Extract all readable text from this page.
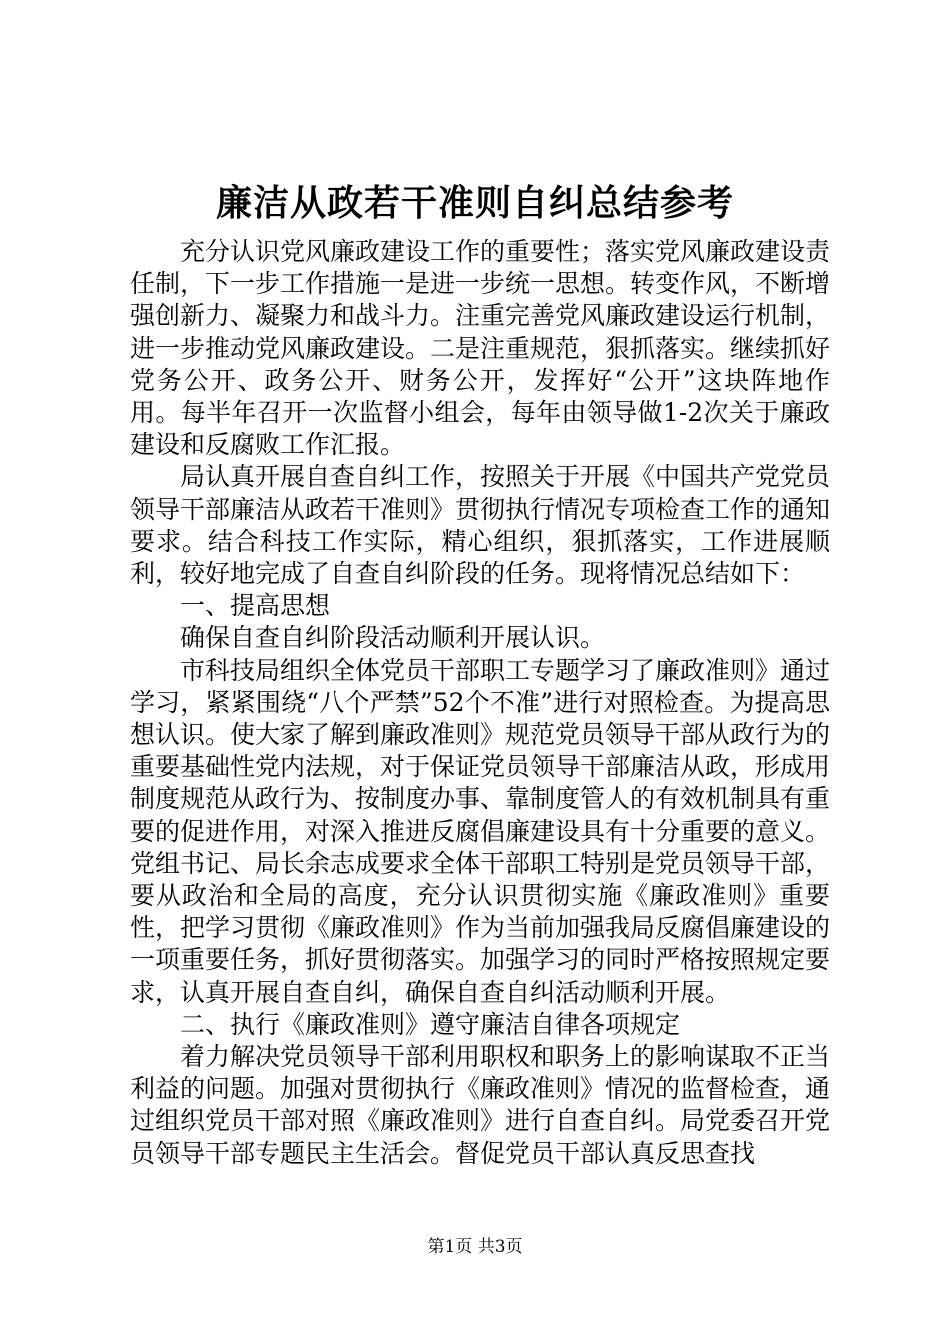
廉洁从政若干准则自纠总结参考

充分认识党风廉政建设工作的重要性；落实党风廉政建设责任制，下一步工作措施一是进一步统一思想。转变作风，不断增强创新力、凝聚力和战斗力。注重完善党风廉政建设运行机制，进一步推动党风廉政建设。二是注重规范，狠抓落实。继续抓好党务公开、政务公开、财务公开，发挥好“公开”这块阵地作用。每半年召开一次监督小组会，每年由领导做1-2次关于廉政建设和反腐败工作汇报。

局认真开展自查自纠工作，按照关于开展《中国共产党党员领导干部廉洁从政若干准则》贯彻执行情况专项检查工作的通知要求。结合科技工作实际，精心组织，狠抓落实，工作进展顺利，较好地完成了自查自纠阶段的任务。现将情况总结如下：

一、提高思想

确保自查自纠阶段活动顺利开展认识。

市科技局组织全体党员干部职工专题学习了廉政准则》通过学习，紧紧围绕“八个严禁”52个不准”进行对照检查。为提高思想认识。使大家了解到廉政准则》规范党员领导干部从政行为的重要基础性党内法规，对于保证党员领导干部廉洁从政，形成用制度规范从政行为、按制度办事、靠制度管人的有效机制具有重要的促进作用，对深入推进反腐倡廉建设具有十分重要的意义。党组书记、局长余志成要求全体干部职工特别是党员领导干部，要从政治和全局的高度，充分认识贯彻实施《廉政准则》重要性，把学习贯彻《廉政准则》作为当前加强我局反腐倡廉建设的一项重要任务，抓好贯彻落实。加强学习的同时严格按照规定要求，认真开展自查自纠，确保自查自纠活动顺利开展。

二、执行《廉政准则》遵守廉洁自律各项规定

着力解决党员领导干部利用职权和职务上的影响谋取不正当利益的问题。加强对贯彻执行《廉政准则》情况的监督检查，通过组织党员干部对照《廉政准则》进行自查自纠。局党委召开党员领导干部专题民主生活会。督促党员干部认真反思查找

第1页 共3页
